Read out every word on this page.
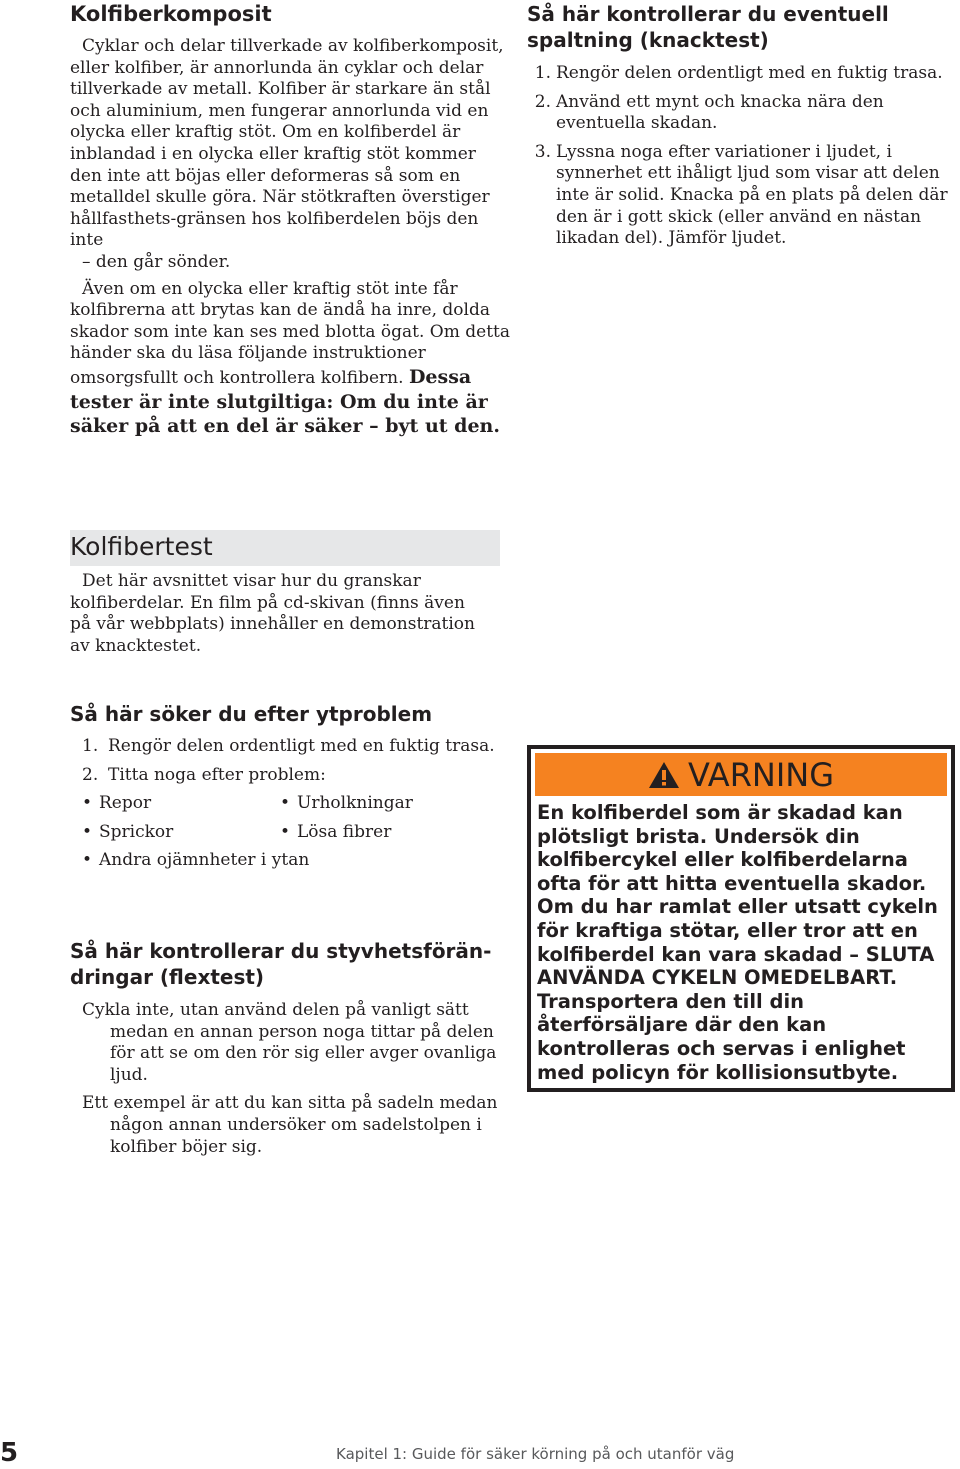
Kolfiberkomposit

Cyklar och delar tillverkade av kolfiberkomposit, eller kolfiber, är annorlunda än cyklar och delar tillverkade av metall. Kolfiber är starkare än stål och aluminium, men fungerar annorlunda vid en olycka eller kraftig stöt. Om en kolfiberdel är inblandad i en olycka eller kraftig stöt kommer den inte att böjas eller deformeras så som en metalldel skulle göra. När stötkraften överstiger hållfasthets-gränsen hos kolfiberdelen böjs den inte
– den går sönder.

Även om en olycka eller kraftig stöt inte får kolfibrerna att brytas kan de ändå ha inre, dolda skador som inte kan ses med blotta ögat. Om detta händer ska du läsa följande instruktioner omsorgsfullt och kontrollera kolfibern. Dessa tester är inte slutgiltiga: Om du inte är säker på att en del är säker – byt ut den.

Så här kontrollerar du eventuell spaltning (knacktest)
1. Rengör delen ordentligt med en fuktig trasa.
2. Använd ett mynt och knacka nära den eventuella skadan.
3. Lyssna noga efter variationer i ljudet, i synnerhet ett ihåligt ljud som visar att delen inte är solid. Knacka på en plats på delen där den är i gott skick (eller använd en nästan likadan del). Jämför ljudet.
Kolfibertest

Det här avsnittet visar hur du granskar kolfiberdelar. En film på cd-skivan (finns även på vår webbplats) innehåller en demonstration av knacktestet.

Så här söker du efter ytproblem
1. Rengör delen ordentligt med en fuktig trasa.
2. Titta noga efter problem:
• Repor	• Urholkningar
• Sprickor	• Lösa fibrer
• Andra ojämnheter i ytan
Så här kontrollerar du styvhetsförän-dringar (flextest)

Cykla inte, utan använd delen på vanligt sätt medan en annan person noga tittar på delen för att se om den rör sig eller avger ovanliga ljud.

Ett exempel är att du kan sitta på sadeln medan någon annan undersöker om sadelstolpen i kolfiber böjer sig.

VARNING
En kolfiberdel som är skadad kan plötsligt brista. Undersök din kolfibercykel eller kolfiberdelarna ofta för att hitta eventuella skador. Om du har ramlat eller utsatt cykeln för kraftiga stötar, eller tror att en kolfiberdel kan vara skadad – SLUTA ANVÄNDA CYKELN OMEDELBART. Transportera den till din återförsäljare där den kan kontrolleras och servas i enlighet med policyn för kollisionsutbyte.
5	Kapitel 1: Guide för säker körning på och utanför väg
